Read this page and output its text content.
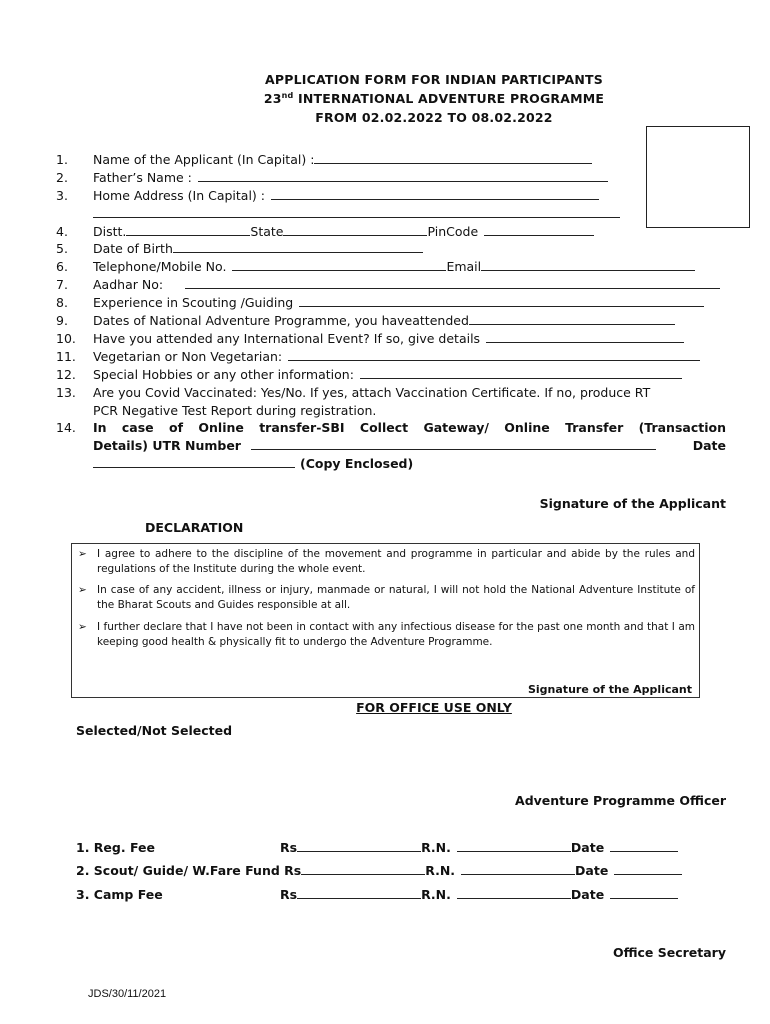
APPLICATION FORM FOR INDIAN PARTICIPANTS
23nd INTERNATIONAL ADVENTURE PROGRAMME
FROM 02.02.2022 TO 08.02.2022
1. Name of the Applicant (In Capital) :
2. Father’s Name :
3. Home Address (In Capital) :
4. Distt.	State	PinCode
5. Date of Birth
6. Telephone/Mobile No.	Email
7. Aadhar No:
8. Experience in Scouting /Guiding
9. Dates of National Adventure Programme, you haveattended
10. Have you attended any International Event? If so, give details
11. Vegetarian or Non Vegetarian:
12. Special Hobbies or any other information:
13. Are you Covid Vaccinated: Yes/No. If yes, attach Vaccination Certificate. If no, produce RT
PCR Negative Test Report during registration.
14. In case of Online transfer-SBI Collect Gateway/ Online Transfer (Transaction
Details) UTR Number	Date
(Copy Enclosed)
Signature of the Applicant
DECLARATION
➢ I agree to adhere to the discipline of the movement and programme in particular and abide by the rules and regulations of the Institute during the whole event.
➢ In case of any accident, illness or injury, manmade or natural, I will not hold the National Adventure Institute of the Bharat Scouts and Guides responsible at all.
➢ I further declare that I have not been in contact with any infectious disease for the past one month and that I am keeping good health & physically fit to undergo the Adventure Programme.
Signature of the Applicant
FOR OFFICE USE ONLY
Selected/Not Selected
Adventure Programme Officer
1. Reg. Fee	Rs	R.N.	Date
2. Scout/ Guide/ W.Fare Fund Rs	R.N.	Date
3. Camp Fee	Rs	R.N.	Date
Office Secretary
JDS/30/11/2021
